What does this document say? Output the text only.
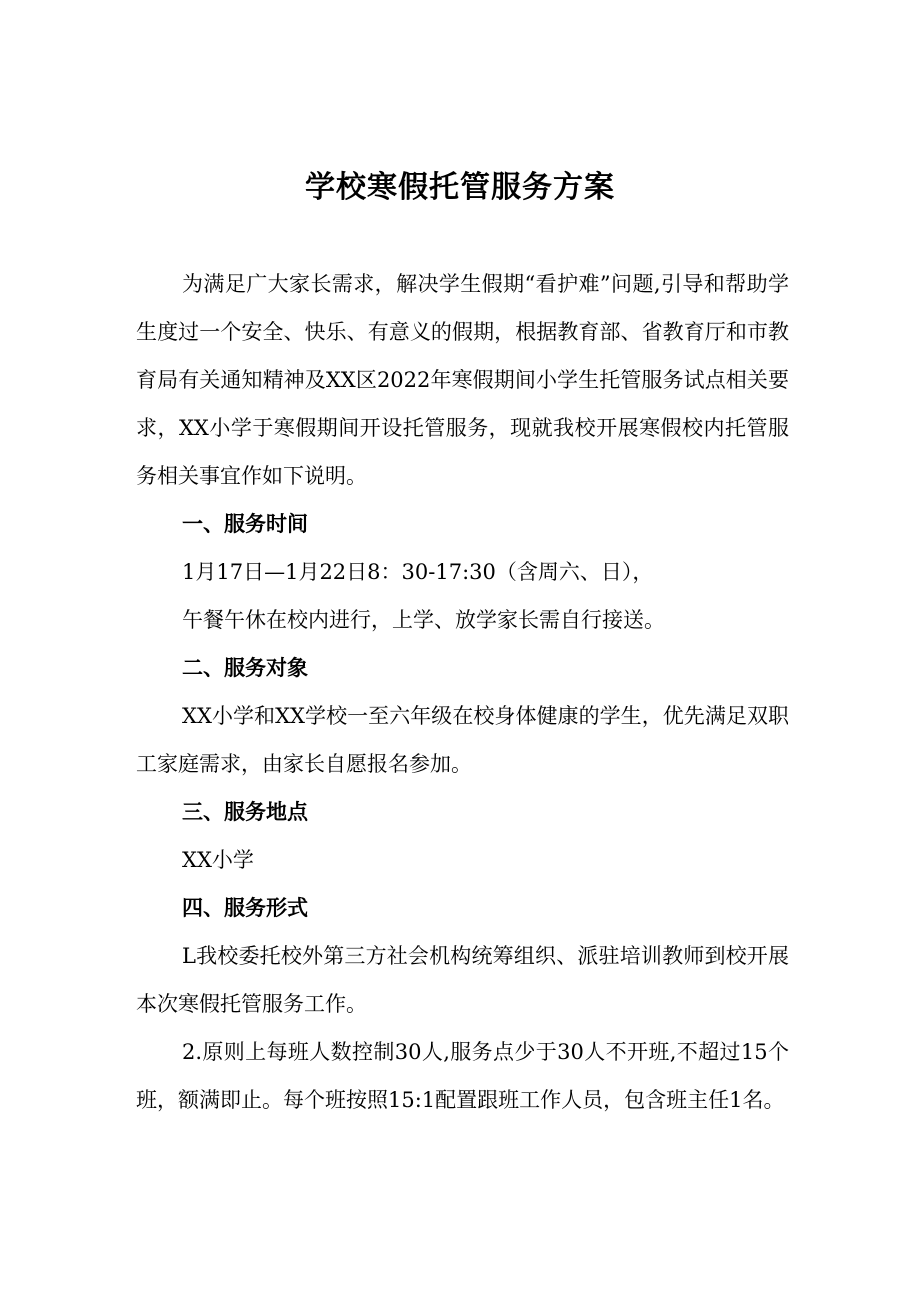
学校寒假托管服务方案

为满足广大家长需求，解决学生假期“看护难”问题,引导和帮助学生度过一个安全、快乐、有意义的假期，根据教育部、省教育厅和市教育局有关通知精神及XX区2022年寒假期间小学生托管服务试点相关要求，XX小学于寒假期间开设托管服务，现就我校开展寒假校内托管服务相关事宜作如下说明。

一、服务时间

1月17日—1月22日8：30-17:30（含周六、日），

午餐午休在校内进行，上学、放学家长需自行接送。

二、服务对象

XX小学和XX学校一至六年级在校身体健康的学生，优先满足双职工家庭需求，由家长自愿报名参加。

三、服务地点

XX小学

四、服务形式

L我校委托校外第三方社会机构统筹组织、派驻培训教师到校开展本次寒假托管服务工作。

2.原则上每班人数控制30人,服务点少于30人不开班,不超过15个班，额满即止。每个班按照15:1配置跟班工作人员，包含班主任1名。
